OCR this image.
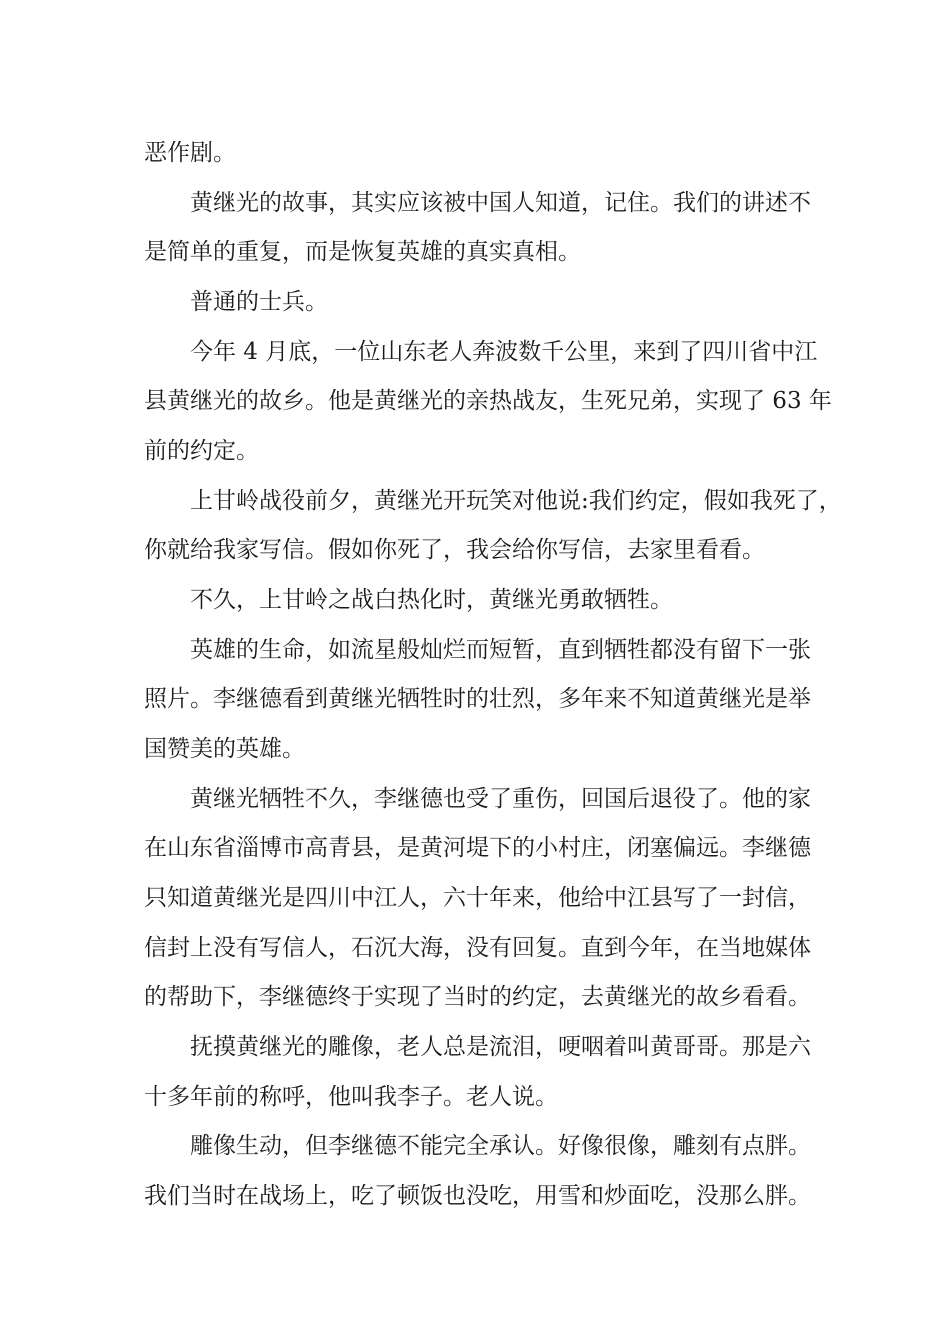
恶作剧。
黄继光的故事，其实应该被中国人知道，记住。我们的讲述不
是简单的重复，而是恢复英雄的真实真相。
普通的士兵。
今年 4 月底，一位山东老人奔波数千公里，来到了四川省中江
县黄继光的故乡。他是黄继光的亲热战友，生死兄弟，实现了 63 年
前的约定。
上甘岭战役前夕，黄继光开玩笑对他说:我们约定，假如我死了，
你就给我家写信。假如你死了，我会给你写信，去家里看看。
不久，上甘岭之战白热化时，黄继光勇敢牺牲。
英雄的生命，如流星般灿烂而短暂，直到牺牲都没有留下一张
照片。李继德看到黄继光牺牲时的壮烈，多年来不知道黄继光是举
国赞美的英雄。
黄继光牺牲不久，李继德也受了重伤，回国后退役了。他的家
在山东省淄博市高青县，是黄河堤下的小村庄，闭塞偏远。李继德
只知道黄继光是四川中江人，六十年来，他给中江县写了一封信，
信封上没有写信人，石沉大海，没有回复。直到今年，在当地媒体
的帮助下，李继德终于实现了当时的约定，去黄继光的故乡看看。
抚摸黄继光的雕像，老人总是流泪，哽咽着叫黄哥哥。那是六
十多年前的称呼，他叫我李子。老人说。
雕像生动，但李继德不能完全承认。好像很像，雕刻有点胖。
我们当时在战场上，吃了顿饭也没吃，用雪和炒面吃，没那么胖。
